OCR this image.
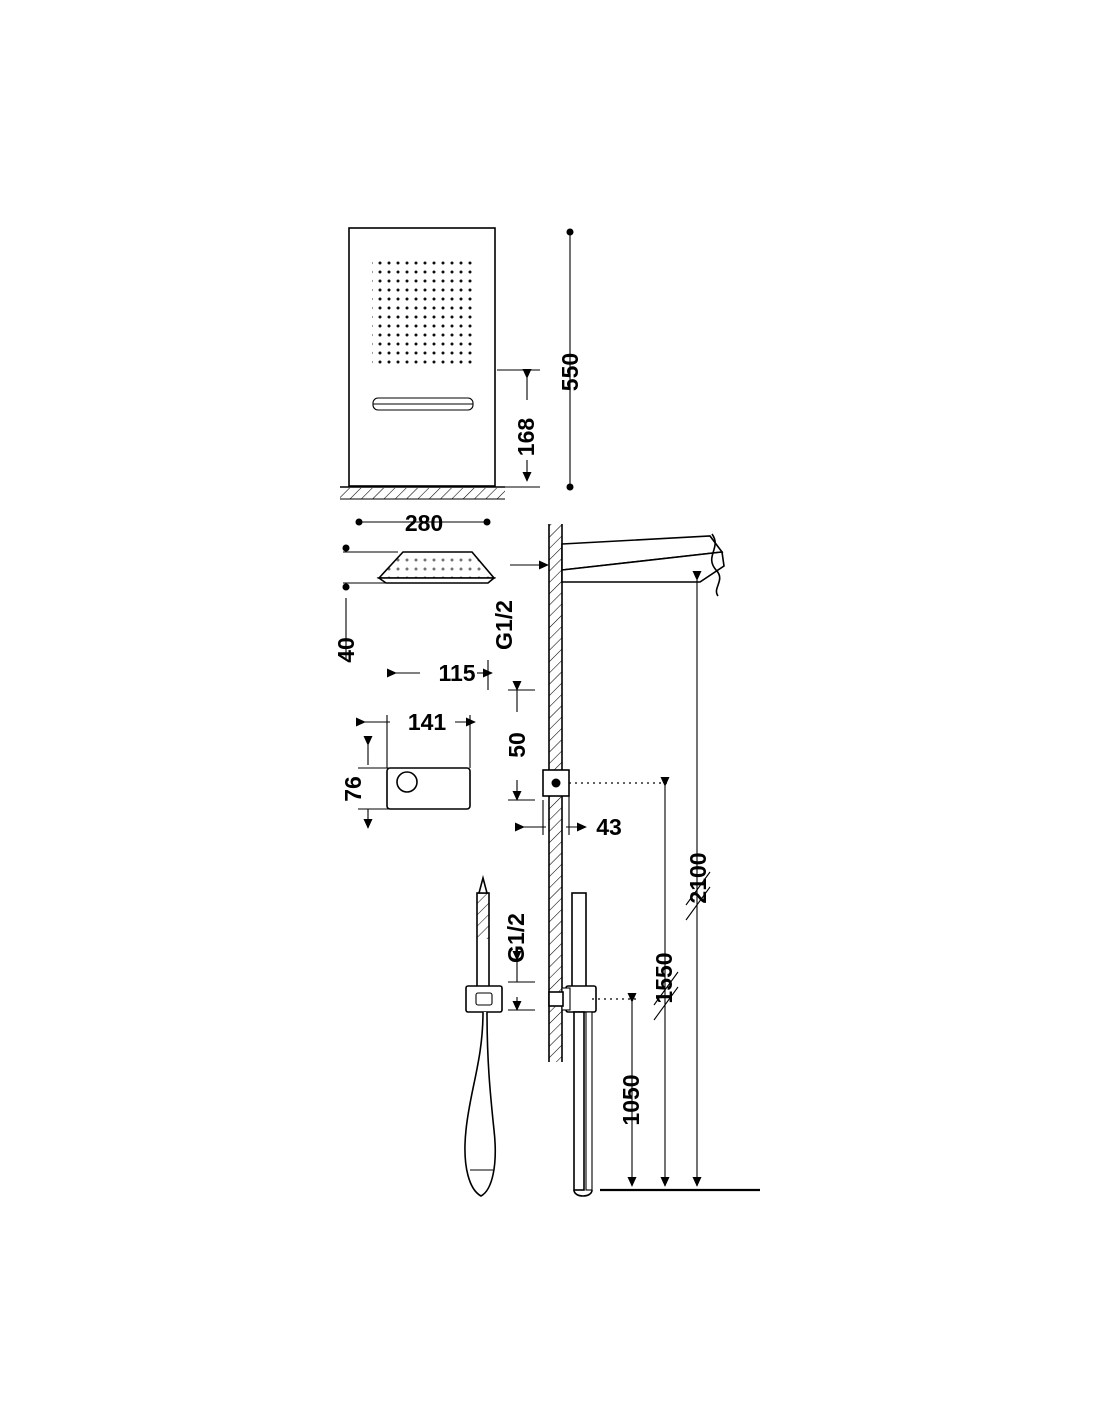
550
168
280
40
G1/2
115
141
76
50
43
G1/2
2100
1550
1050
